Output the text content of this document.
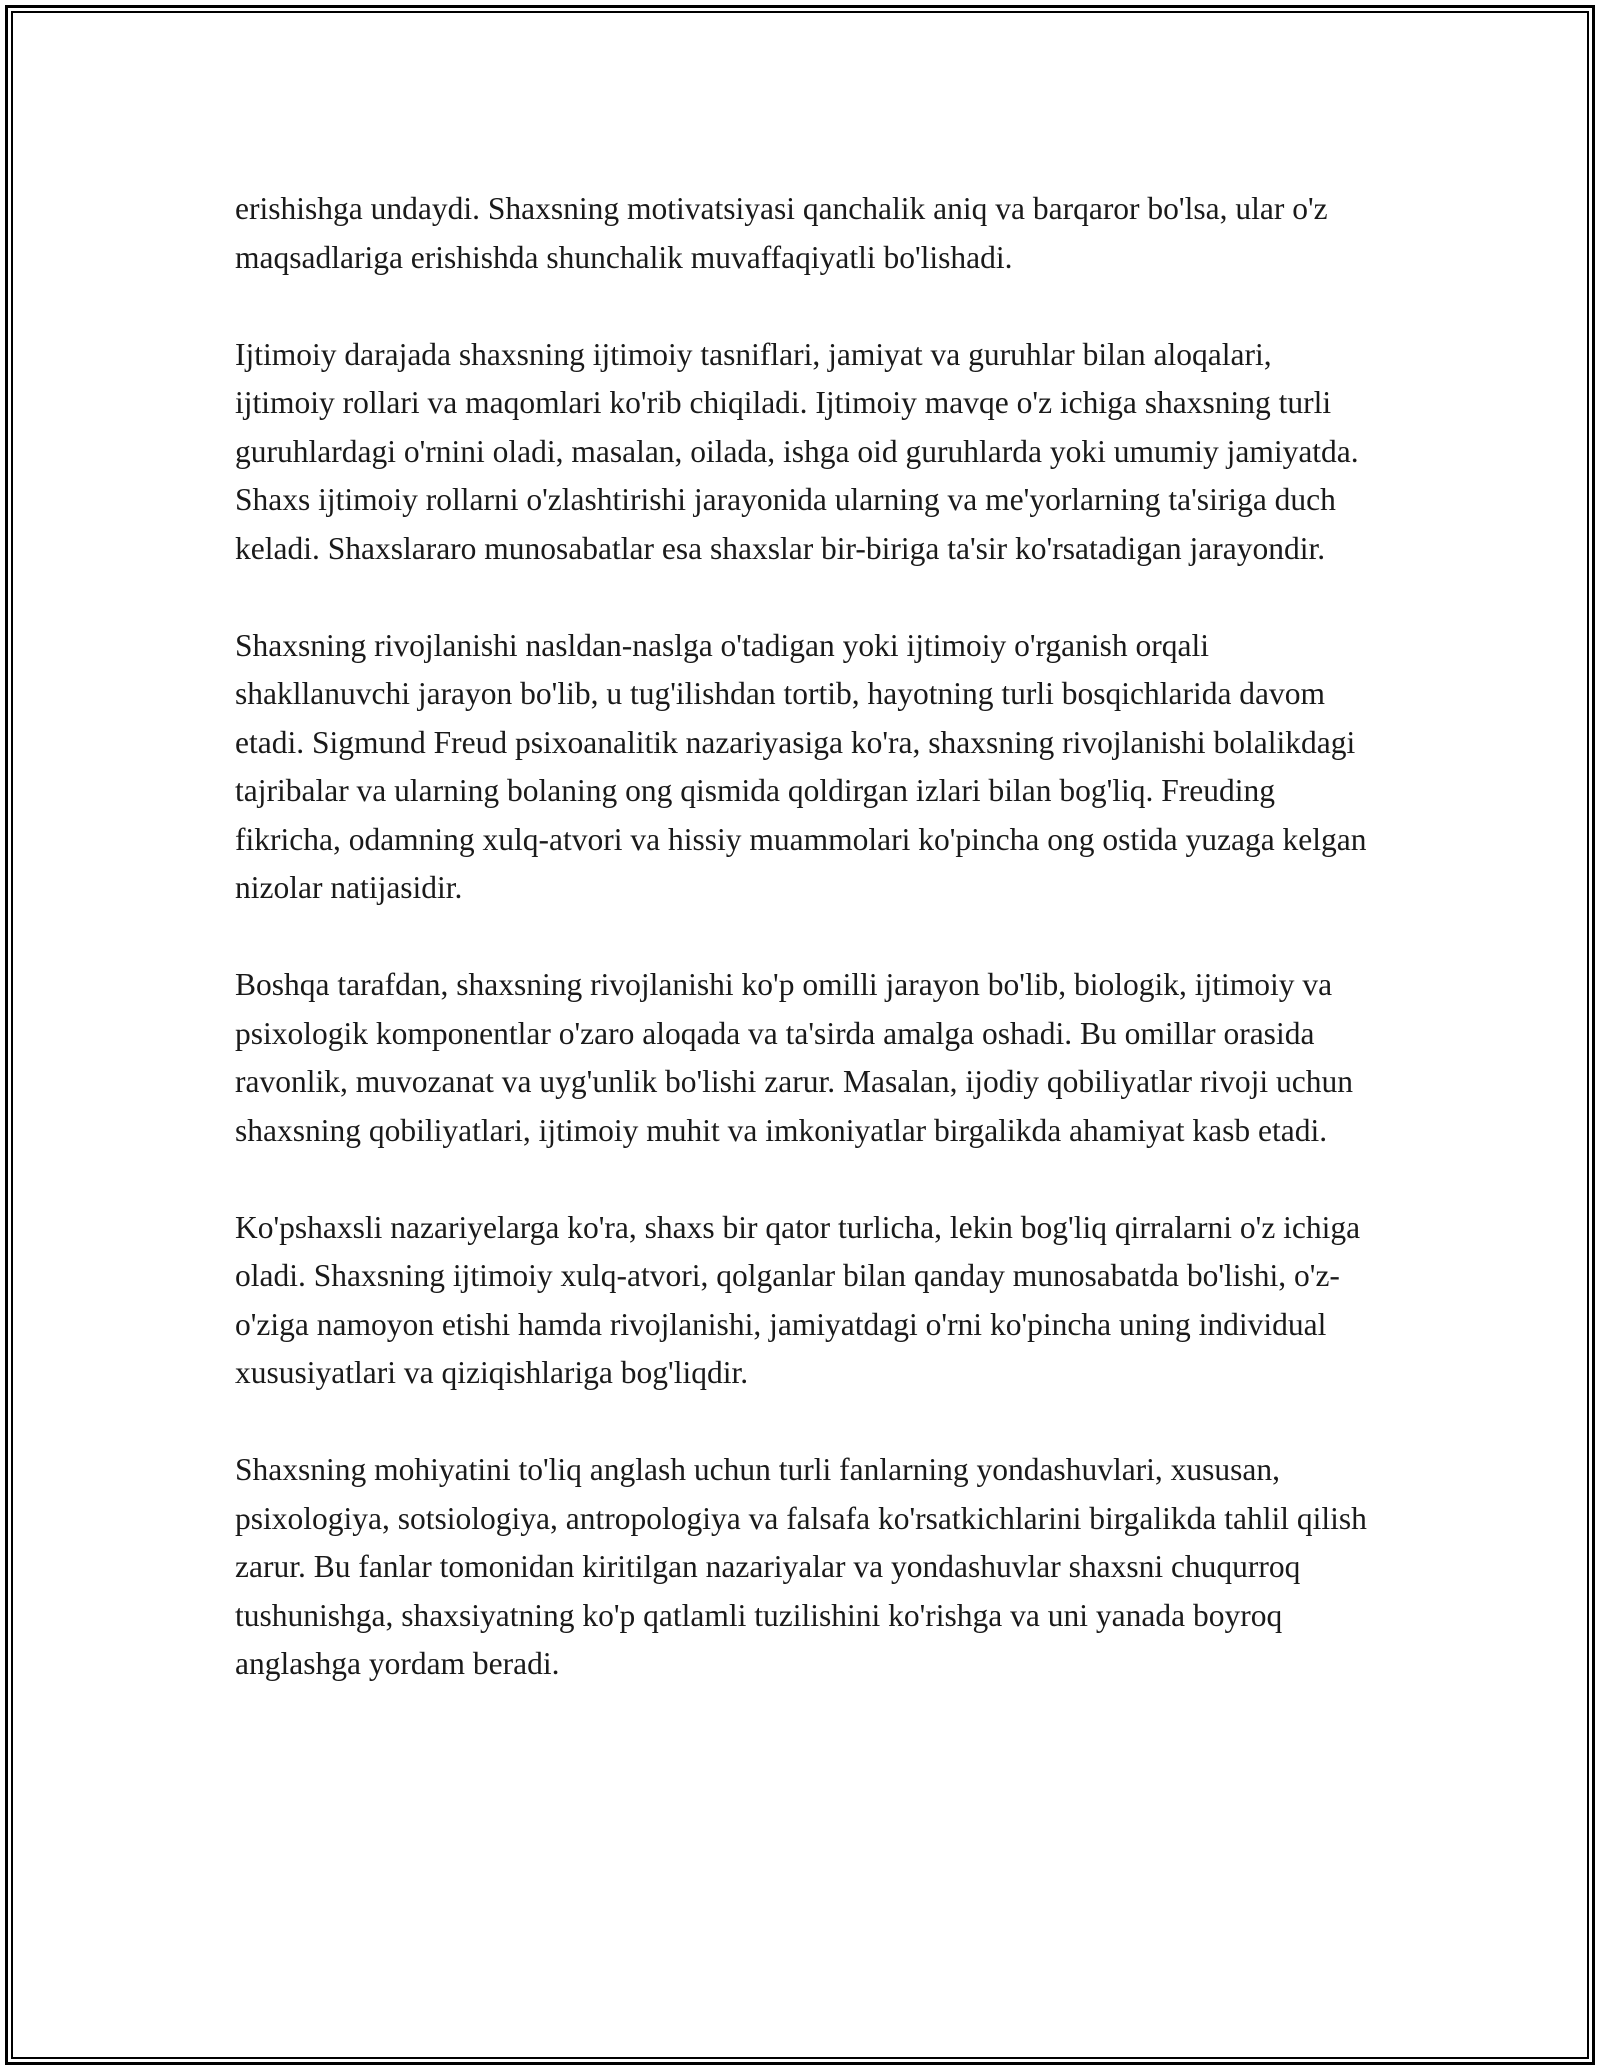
erishishga undaydi. Shaxsning motivatsiyasi qanchalik aniq va barqaror bo'lsa, ular o'z maqsadlariga erishishda shunchalik muvaffaqiyatli bo'lishadi.

Ijtimoiy darajada shaxsning ijtimoiy tasniflari, jamiyat va guruhlar bilan aloqalari, ijtimoiy rollari va maqomlari ko'rib chiqiladi. Ijtimoiy mavqe o'z ichiga shaxsning turli guruhlardagi o'rnini oladi, masalan, oilada, ishga oid guruhlarda yoki umumiy jamiyatda. Shaxs ijtimoiy rollarni o'zlashtirishi jarayonida ularning va me'yorlarning ta'siriga duch keladi. Shaxslararo munosabatlar esa shaxslar bir-biriga ta'sir ko'rsatadigan jarayondir.

Shaxsning rivojlanishi nasldan-naslga o'tadigan yoki ijtimoiy o'rganish orqali shakllanuvchi jarayon bo'lib, u tug'ilishdan tortib, hayotning turli bosqichlarida davom etadi. Sigmund Freud psixoanalitik nazariyasiga ko'ra, shaxsning rivojlanishi bolalikdagi tajribalar va ularning bolaning ong qismida qoldirgan izlari bilan bog'liq. Freuding fikricha, odamning xulq-atvori va hissiy muammolari ko'pincha ong ostida yuzaga kelgan nizolar natijasidir.

Boshqa tarafdan, shaxsning rivojlanishi ko'p omilli jarayon bo'lib, biologik, ijtimoiy va psixologik komponentlar o'zaro aloqada va ta'sirda amalga oshadi. Bu omillar orasida ravonlik, muvozanat va uyg'unlik bo'lishi zarur. Masalan, ijodiy qobiliyatlar rivoji uchun shaxsning qobiliyatlari, ijtimoiy muhit va imkoniyatlar birgalikda ahamiyat kasb etadi.

Ko'pshaxsli nazariyelarga ko'ra, shaxs bir qator turlicha, lekin bog'liq qirralarni o'z ichiga oladi. Shaxsning ijtimoiy xulq-atvori, qolganlar bilan qanday munosabatda bo'lishi, o'z-o'ziga namoyon etishi hamda rivojlanishi, jamiyatdagi o'rni ko'pincha uning individual xususiyatlari va qiziqishlariga bog'liqdir.

Shaxsning mohiyatini to'liq anglash uchun turli fanlarning yondashuvlari, xususan, psixologiya, sotsiologiya, antropologiya va falsafa ko'rsatkichlarini birgalikda tahlil qilish zarur. Bu fanlar tomonidan kiritilgan nazariyalar va yondashuvlar shaxsni chuqurroq tushunishga, shaxsiyatning ko'p qatlamli tuzilishini ko'rishga va uni yanada boyroq anglashga yordam beradi.
